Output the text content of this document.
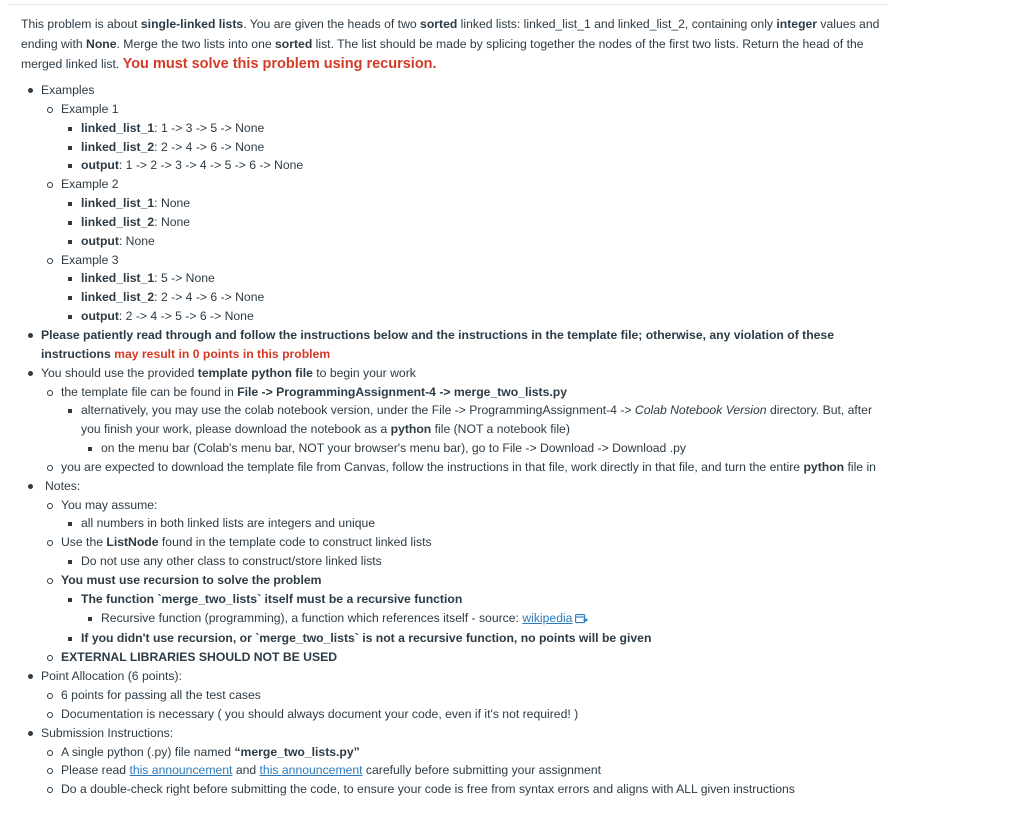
This problem is about single-linked lists. You are given the heads of two sorted linked lists: linked_list_1 and linked_list_2, containing only integer values and ending with None. Merge the two lists into one sorted list. The list should be made by splicing together the nodes of the first two lists. Return the head of the merged linked list. You must solve this problem using recursion.

Examples
Example 1
linked_list_1: 1 -> 3 -> 5 -> None
linked_list_2: 2 -> 4 -> 6 -> None
output: 1 -> 2 -> 3 -> 4 -> 5 -> 6 -> None
Example 2
linked_list_1: None
linked_list_2: None
output: None
Example 3
linked_list_1: 5 -> None
linked_list_2: 2 -> 4 -> 6 -> None
output: 2 -> 4 -> 5 -> 6 -> None
Please patiently read through and follow the instructions below and the instructions in the template file; otherwise, any violation of these instructions may result in 0 points in this problem
You should use the provided template python file to begin your work
the template file can be found in File -> ProgrammingAssignment-4 -> merge_two_lists.py
alternatively, you may use the colab notebook version, under the File -> ProgrammingAssignment-4 -> Colab Notebook Version directory. But, after you finish your work, please download the notebook as a python file (NOT a notebook file)
on the menu bar (Colab's menu bar, NOT your browser's menu bar), go to File -> Download -> Download .py
you are expected to download the template file from Canvas, follow the instructions in that file, work directly in that file, and turn the entire python file in
Notes:
You may assume:
all numbers in both linked lists are integers and unique
Use the ListNode found in the template code to construct linked lists
Do not use any other class to construct/store linked lists
You must use recursion to solve the problem
The function `merge_two_lists` itself must be a recursive function
Recursive function (programming), a function which references itself - source: wikipedia
If you didn't use recursion, or `merge_two_lists` is not a recursive function, no points will be given
EXTERNAL LIBRARIES SHOULD NOT BE USED
Point Allocation (6 points):
6 points for passing all the test cases
Documentation is necessary ( you should always document your code, even if it's not required! )
Submission Instructions:
A single python (.py) file named “merge_two_lists.py”
Please read this announcement and this announcement carefully before submitting your assignment
Do a double-check right before submitting the code, to ensure your code is free from syntax errors and aligns with ALL given instructions
